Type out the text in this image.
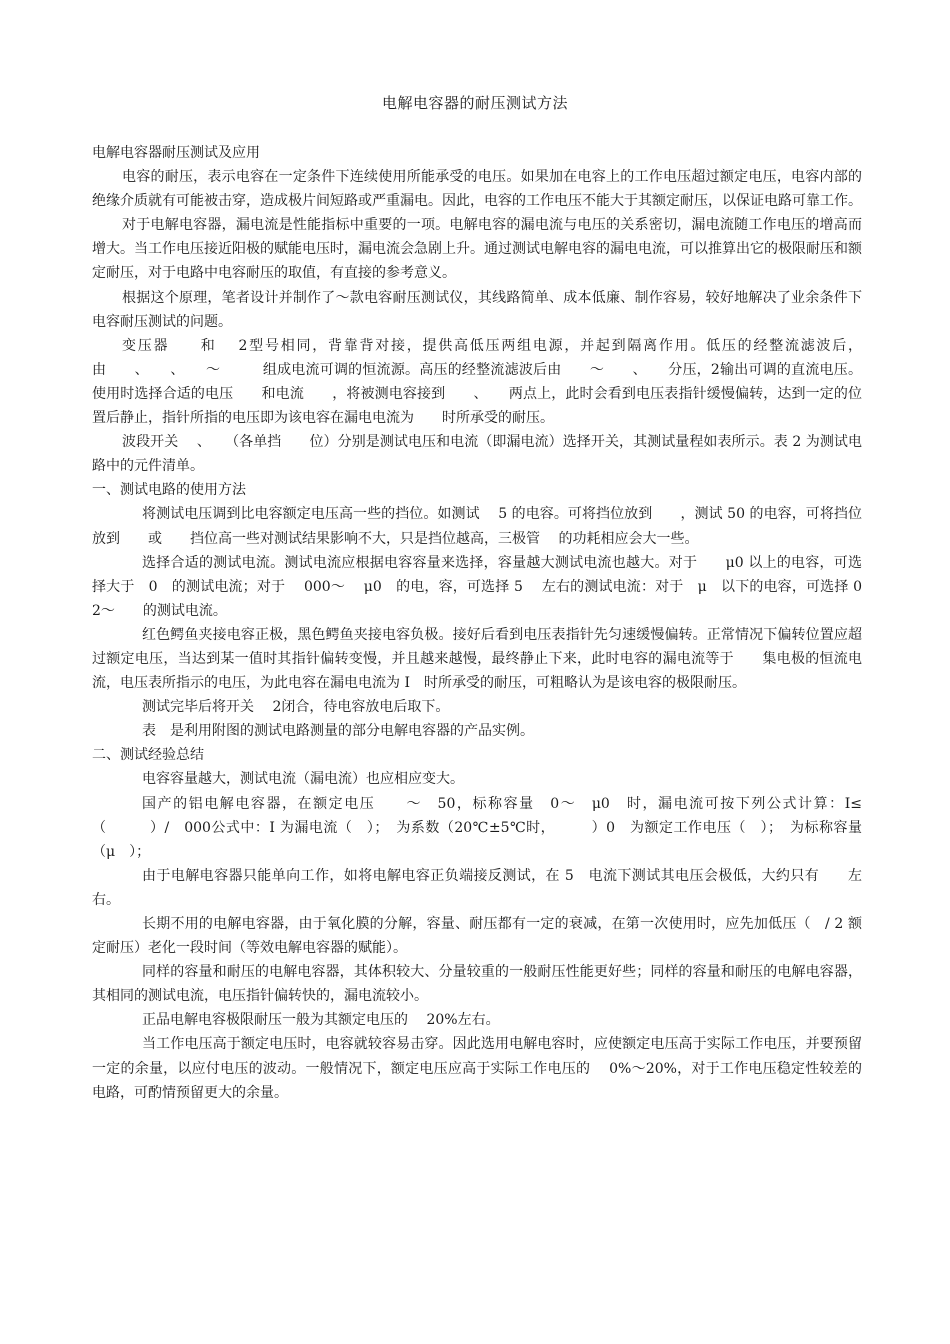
电解电容器的耐压测试方法

电解电容器耐压测试及应用

电容的耐压，表示电容在一定条件下连续使用所能承受的电压。如果加在电容上的工作电压超过额定电压，电容内部的绝缘介质就有可能被击穿，造成极片间短路或严重漏电。因此，电容的工作电压不能大于其额定耐压，以保证电路可靠工作。

对于电解电容器，漏电流是性能指标中重要的一项。电解电容的漏电流与电压的关系密切，漏电流随工作电压的增高而增大。当工作电压接近阳极的赋能电压时，漏电流会急剧上升。通过测试电解电容的漏电电流，可以推算出它的极限耐压和额定耐压，对于电路中电容耐压的取值，有直接的参考意义。

根据这个原理，笔者设计并制作了～款电容耐压测试仪，其线路简单、成本低廉、制作容易，较好地解决了业余条件下电容耐压测试的问题。

变压器　　和　 2型号相同，背靠背对接，提供高低压两组电源，并起到隔离作用。低压的经整流滤波后，由　　、　　、　　～　　　组成电流可调的恒流源。高压的经整流滤波后由　　～　　、　　分压，2输出可调的直流电压。使用时选择合适的电压　　和电流　　，将被测电容接到　　、　　两点上，此时会看到电压表指针缓慢偏转，达到一定的位置后静止，指针所指的电压即为该电容在漏电电流为　　时所承受的耐压。

波段开关　 、　　（各单挡　　位）分别是测试电压和电流（即漏电流）选择开关，其测试量程如表所示。表 2 为测试电路中的元件清单。

一、测试电路的使用方法

将测试电压调到比电容额定电压高一些的挡位。如测试　 5 的电容。可将挡位放到　　，测试 50 的电容，可将挡位放到　　或　　挡位高一些对测试结果影响不大，只是挡位越高，三极管　 的功耗相应会大一些。

选择合适的测试电流。测试电流应根据电容容量来选择，容量越大测试电流也越大。对于　　μ0 以上的电容，可选择大于　0　的测试电流；对于　 000～　 μ0　的电，容，可选择 5　 左右的测试电流：对于　μ　以下的电容，可选择 0　2～　　的测试电流。

红色鳄鱼夹接电容正极，黑色鳄鱼夹接电容负极。接好后看到电压表指针先匀速缓慢偏转。正常情况下偏转位置应超过额定电压，当达到某一值时其指针偏转变慢，并且越来越慢，最终静止下来，此时电容的漏电流等于　　集电极的恒流电流，电压表所指示的电压，为此电容在漏电电流为 I　时所承受的耐压，可粗略认为是该电容的极限耐压。

测试完毕后将开关　 2闭合，待电容放电后取下。

表　是利用附图的测试电路测量的部分电解电容器的产品实例。

二、测试经验总结

电容容量越大，测试电流（漏电流）也应相应变大。

国产的铝电解电容器，在额定电压　　～　50，标称容量　0～　μ0　时，漏电流可按下列公式计算：I≤（　　　）/　000公式中：I 为漏电流（　）；　为系数（20℃±5℃时，　　　）0　为额定工作电压（　）；　为标称容量（μ　）；

由于电解电容器只能单向工作，如将电解电容正负端接反测试，在 5　电流下测试其电压会极低，大约只有　　左右。

长期不用的电解电容器，由于氧化膜的分解，容量、耐压都有一定的衰减，在第一次使用时，应先加低压（　/ 2 额定耐压）老化一段时间（等效电解电容器的赋能）。

同样的容量和耐压的电解电容器，其体积较大、分量较重的一般耐压性能更好些；同样的容量和耐压的电解电容器，其相同的测试电流，电压指针偏转快的，漏电流较小。

正品电解电容极限耐压一般为其额定电压的　 20%左右。

当工作电压高于额定电压时，电容就较容易击穿。因此选用电解电容时，应使额定电压高于实际工作电压，并要预留一定的余量，以应付电压的波动。一般情况下，额定电压应高于实际工作电压的　 0%～20%，对于工作电压稳定性较差的电路，可酌情预留更大的余量。
